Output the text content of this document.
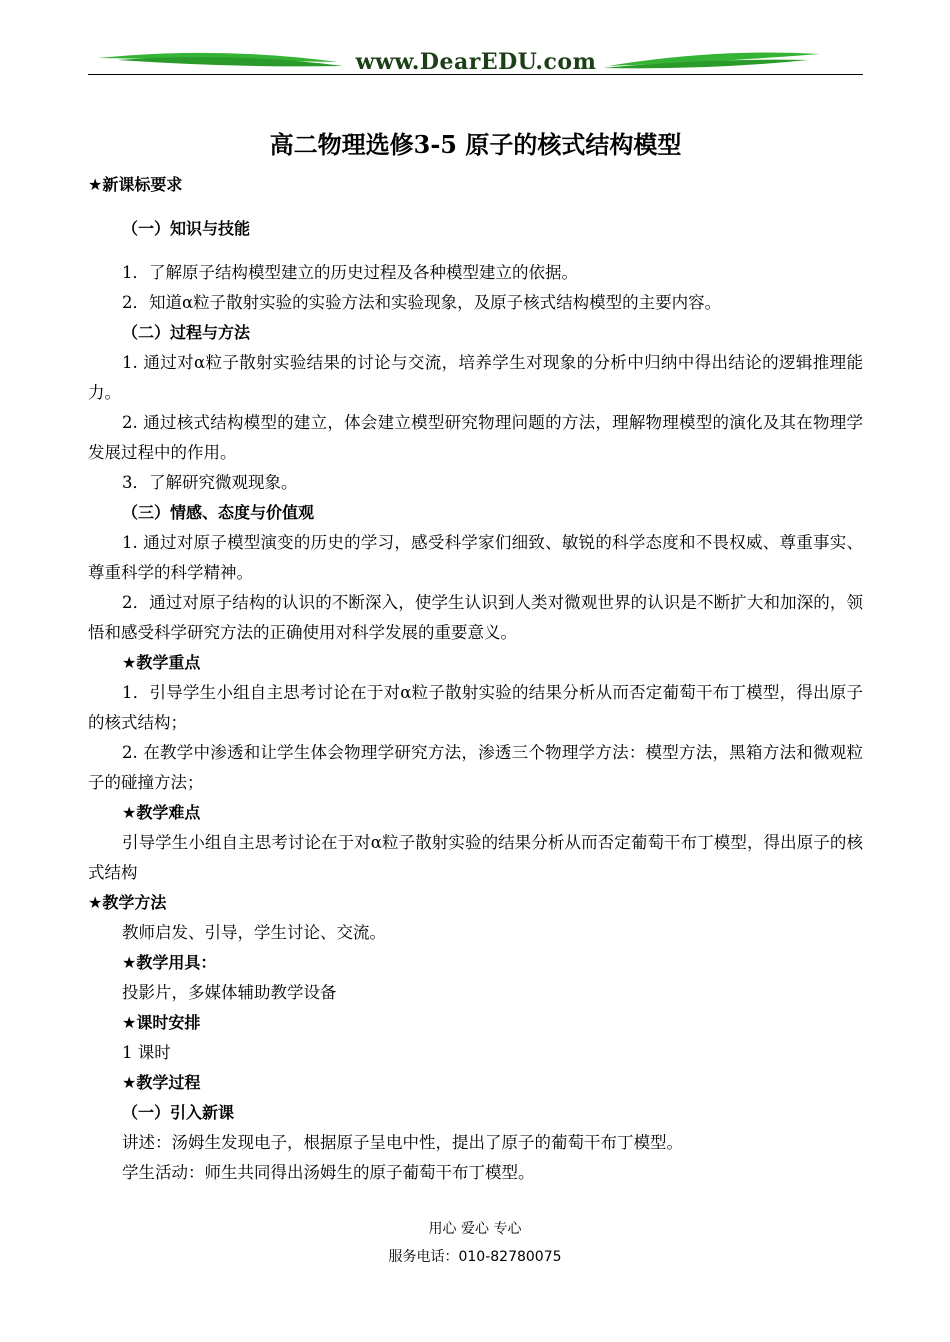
www.DearEDU.com
高二物理选修3-5 原子的核式结构模型
★新课标要求
（一）知识与技能
1．了解原子结构模型建立的历史过程及各种模型建立的依据。
2．知道α粒子散射实验的实验方法和实验现象，及原子核式结构模型的主要内容。
（二）过程与方法
1. 通过对α粒子散射实验结果的讨论与交流，培养学生对现象的分析中归纳中得出结论的逻辑推理能力。
2. 通过核式结构模型的建立，体会建立模型研究物理问题的方法，理解物理模型的演化及其在物理学发展过程中的作用。
3．了解研究微观现象。
（三）情感、态度与价值观
1. 通过对原子模型演变的历史的学习，感受科学家们细致、敏锐的科学态度和不畏权威、尊重事实、尊重科学的科学精神。
2．通过对原子结构的认识的不断深入，使学生认识到人类对微观世界的认识是不断扩大和加深的，领悟和感受科学研究方法的正确使用对科学发展的重要意义。
★教学重点
1．引导学生小组自主思考讨论在于对α粒子散射实验的结果分析从而否定葡萄干布丁模型，得出原子的核式结构；
2. 在教学中渗透和让学生体会物理学研究方法，渗透三个物理学方法：模型方法，黑箱方法和微观粒子的碰撞方法；
★教学难点
引导学生小组自主思考讨论在于对α粒子散射实验的结果分析从而否定葡萄干布丁模型，得出原子的核式结构
★教学方法
教师启发、引导，学生讨论、交流。
★教学用具：
投影片，多媒体辅助教学设备
★课时安排
1 课时
★教学过程
（一）引入新课
讲述：汤姆生发现电子，根据原子呈电中性，提出了原子的葡萄干布丁模型。
学生活动：师生共同得出汤姆生的原子葡萄干布丁模型。
用心 爱心 专心
服务电话：010-82780075
